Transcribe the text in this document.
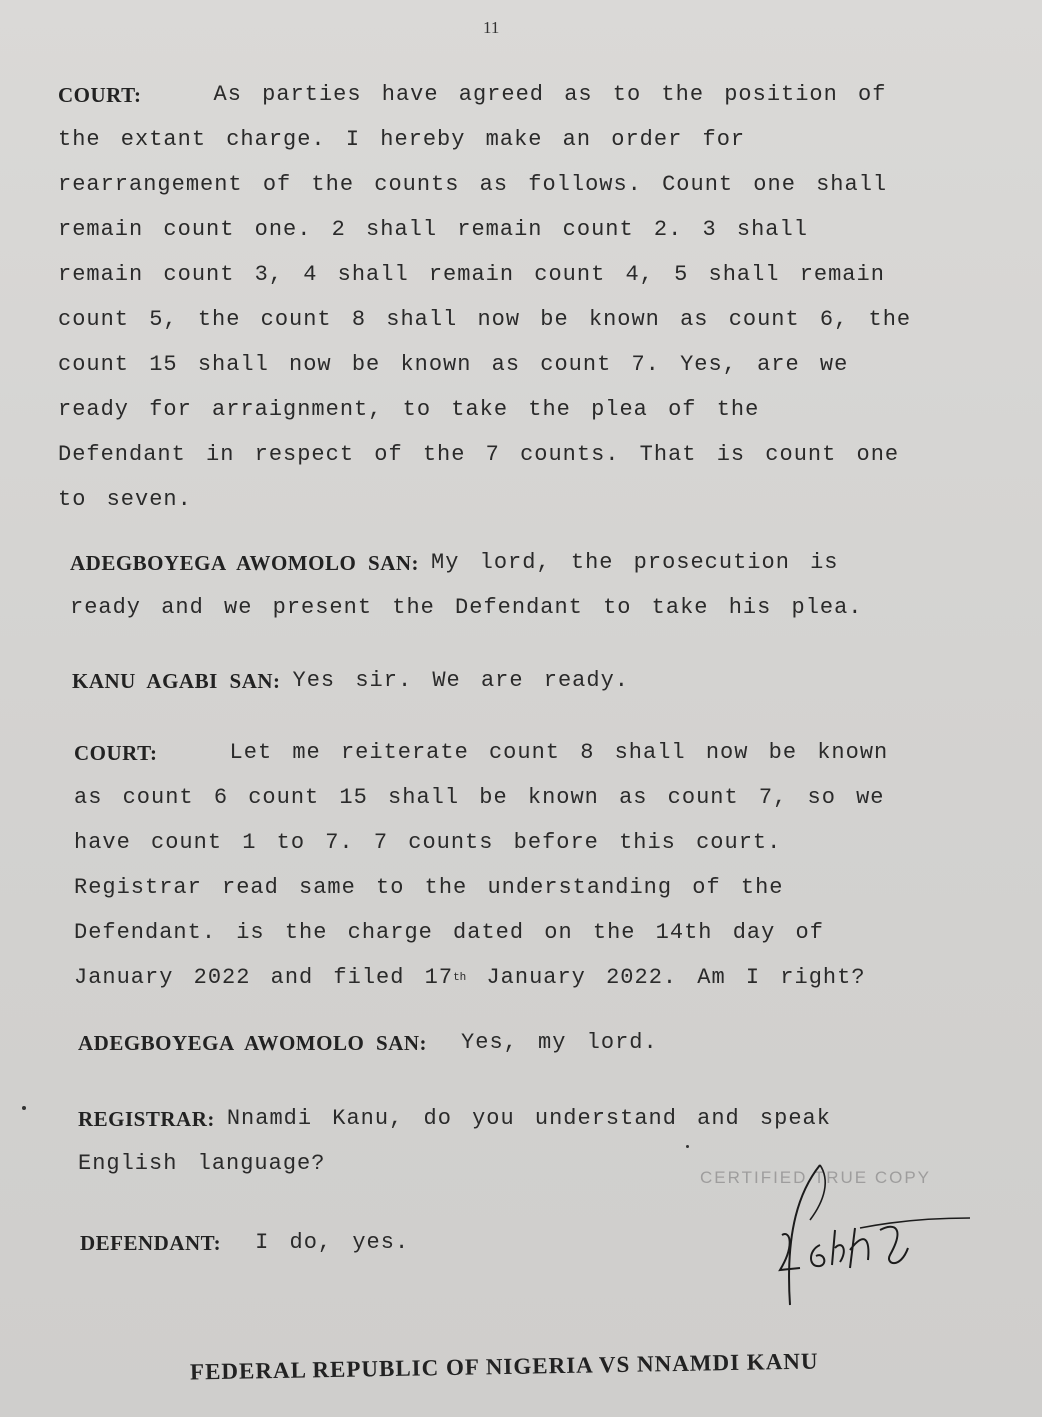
11
COURT:	As parties have agreed as to the position of
the extant charge. I hereby make an order for
rearrangement of the counts as follows. Count one shall
remain count one. 2 shall remain count 2. 3 shall
remain count 3, 4 shall remain count 4, 5 shall remain
count 5, the count 8 shall now be known as count 6, the
count 15 shall now be known as count 7. Yes, are we
ready for arraignment, to take the plea of the
Defendant in respect of the 7 counts. That is count one
to seven.
ADEGBOYEGA AWOMOLO SAN: My lord, the prosecution is
ready and we present the Defendant to take his plea.
KANU AGABI SAN: Yes sir. We are ready.
COURT:	Let me reiterate count 8 shall now be known
as count 6 count 15 shall be known as count 7, so we
have count 1 to 7. 7 counts before this court.
Registrar read same to the understanding of the
Defendant. is the charge dated on the 14th day of
January 2022 and filed 17 th January 2022. Am I right?
ADEGBOYEGA AWOMOLO SAN: Yes, my lord.
REGISTRAR: Nnamdi Kanu, do you understand and speak
English language?
DEFENDANT: I do, yes.
CERTIFIED TRUE COPY
FEDERAL REPUBLIC OF NIGERIA VS NNAMDI KANU
